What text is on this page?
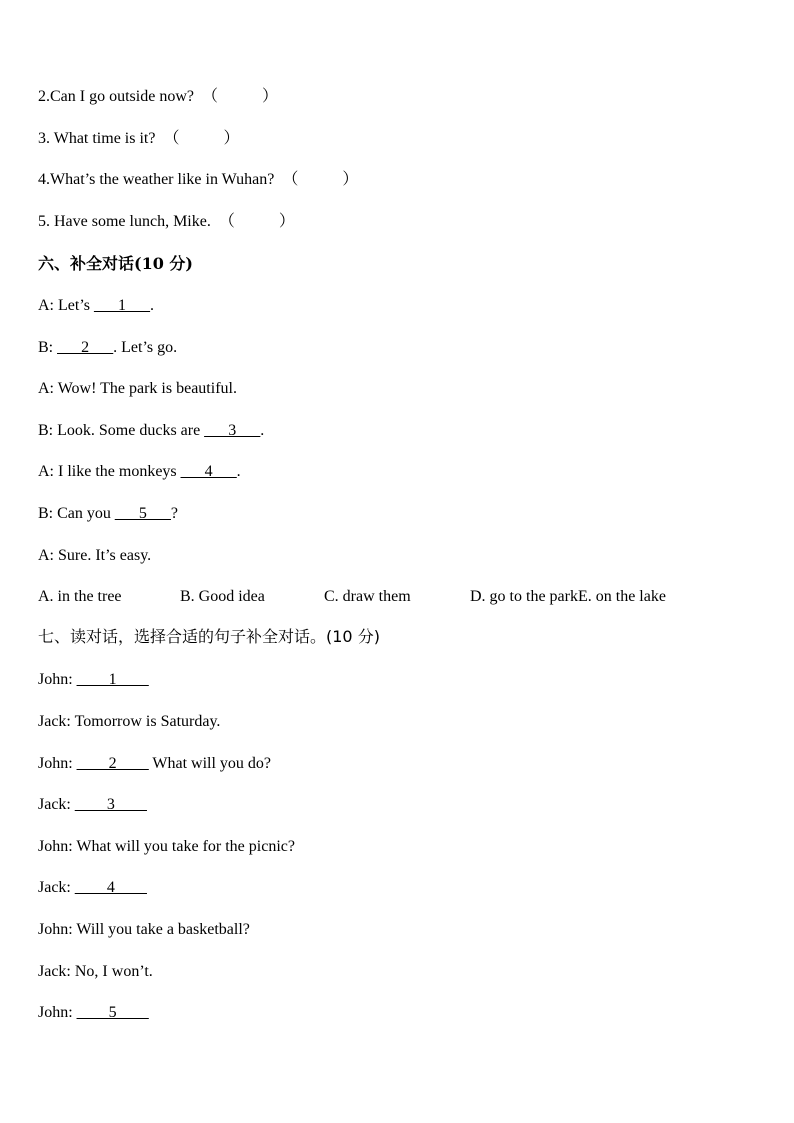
2.Can I go outside now? （           ）
3. What time is it? （           ）
4.What’s the weather like in Wuhan? （           ）
5. Have some lunch, Mike. （           ）
六、补全对话(10 分)
A: Let’s ___1___.
B: ___2___. Let’s go.
A: Wow! The park is beautiful.
B: Look. Some ducks are ___3___.
A: I like the monkeys ___4___.
B: Can you ___5___?
A: Sure. It’s easy.
A. in the tree	B. Good idea	C. draw them	D. go to the parkE. on the lake
七、读对话，选择合适的句子补全对话。(10 分)
John: ____1____
Jack: Tomorrow is Saturday.
John: ____2____ What will you do?
Jack: ____3____
John: What will you take for the picnic?
Jack: ____4____
John: Will you take a basketball?
Jack: No, I won’t.
John: ____5____
